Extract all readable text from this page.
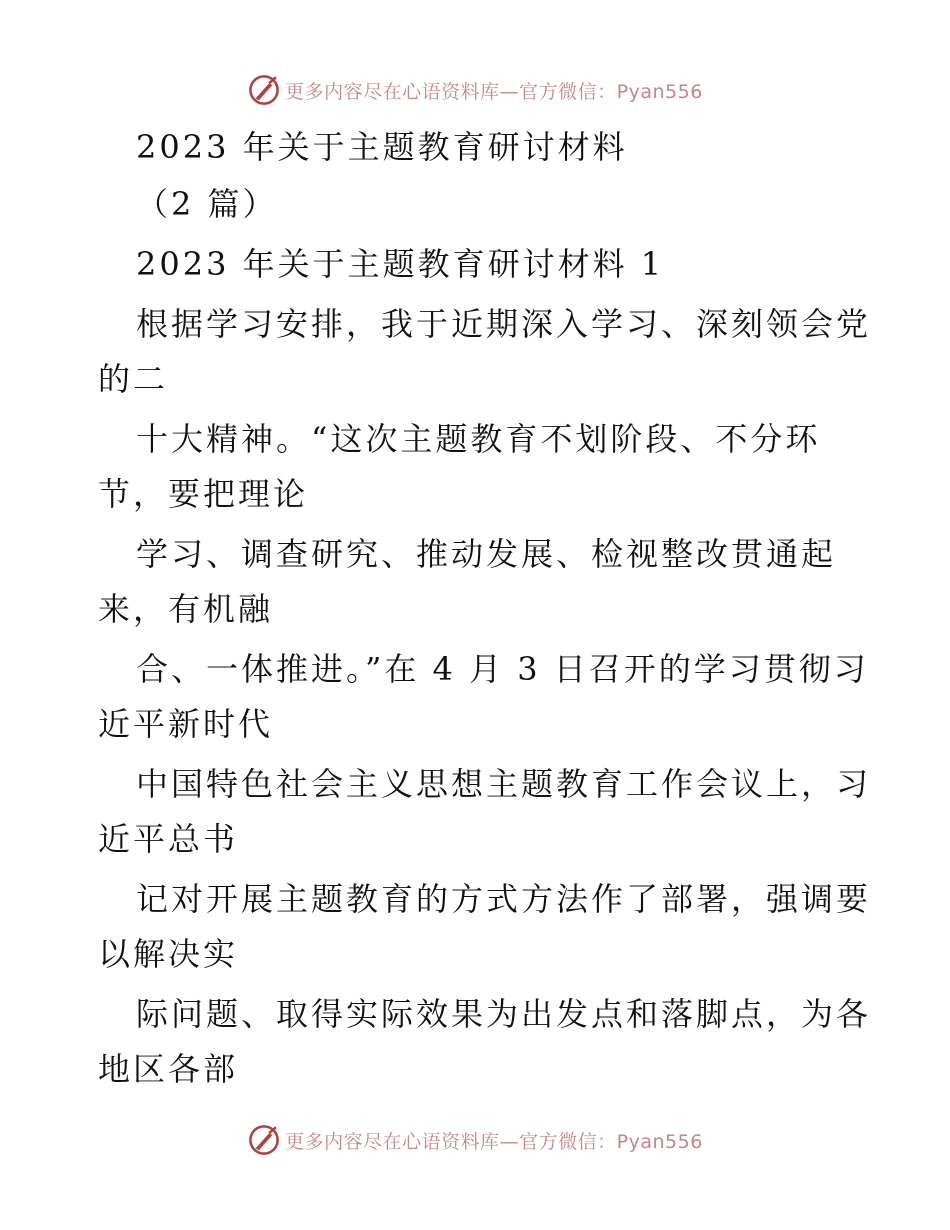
更多内容尽在心语资料库—官方微信：Pyan556
2023 年关于主题教育研讨材料
（2 篇）
2023 年关于主题教育研讨材料 1
根据学习安排，我于近期深入学习、深刻领会党
的二
十大精神。“这次主题教育不划阶段、不分环
节，要把理论
学习、调查研究、推动发展、检视整改贯通起
来，有机融
合、一体推进。”在 4 月 3 日召开的学习贯彻习
近平新时代
中国特色社会主义思想主题教育工作会议上，习
近平总书
记对开展主题教育的方式方法作了部署，强调要
以解决实
际问题、取得实际效果为出发点和落脚点，为各
地区各部
更多内容尽在心语资料库—官方微信：Pyan556
